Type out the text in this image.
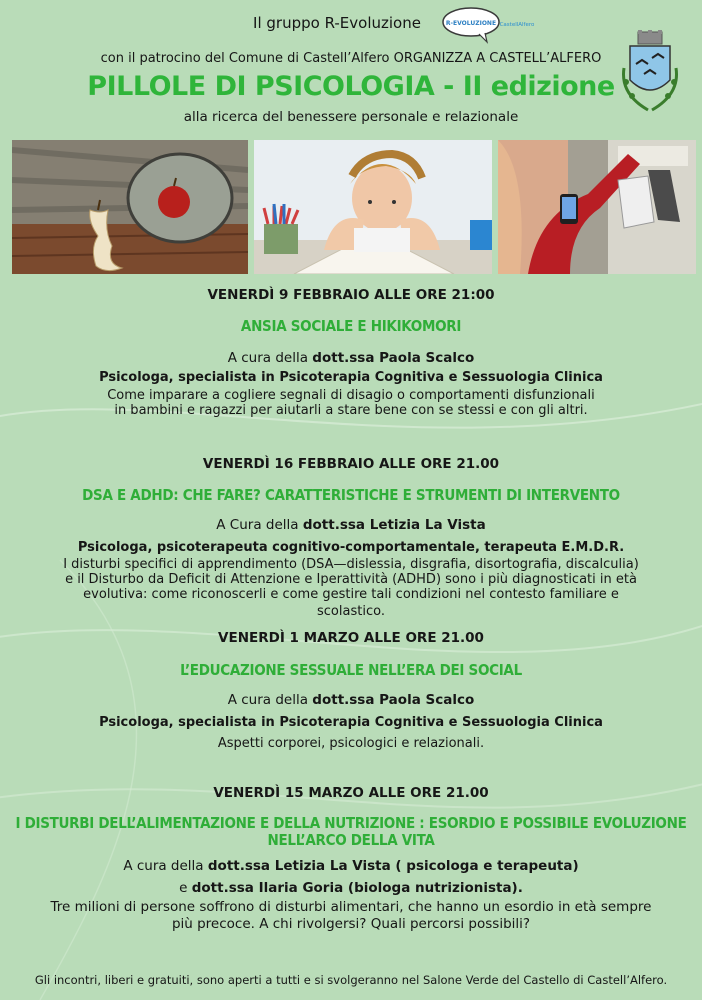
Il gruppo R-Evoluzione	R-EVOLUZIONE CastellAlfero
con il patrocino del Comune di Castell’Alfero ORGANIZZA A CASTELL’ALFERO
PILLOLE DI PSICOLOGIA - II edizione
alla ricerca del benessere personale e relazionale
VENERDÌ 9 FEBBRAIO ALLE ORE 21:00
ANSIA SOCIALE E HIKIKOMORI
A cura della dott.ssa Paola Scalco
Psicologa, specialista in Psicoterapia Cognitiva e Sessuologia Clinica
Come imparare a cogliere segnali di disagio o comportamenti disfunzionali
in bambini e ragazzi per aiutarli a stare bene con se stessi e con gli altri.
VENERDÌ 16 FEBBRAIO ALLE ORE 21.00
DSA E ADHD: CHE FARE? CARATTERISTICHE E STRUMENTI DI INTERVENTO
A Cura della dott.ssa Letizia La Vista
Psicologa, psicoterapeuta cognitivo-comportamentale, terapeuta E.M.D.R.
I disturbi specifici di apprendimento (DSA—dislessia, disgrafia, disortografia, discalculia)
e il Disturbo da Deficit di Attenzione e Iperattività (ADHD) sono i più diagnosticati in età
evolutiva: come riconoscerli e come gestire tali condizioni nel contesto familiare e
scolastico.
VENERDÌ 1 MARZO ALLE ORE 21.00
L’EDUCAZIONE SESSUALE NELL’ERA DEI SOCIAL
A cura della dott.ssa Paola Scalco
Psicologa, specialista in Psicoterapia Cognitiva e Sessuologia Clinica
Aspetti corporei, psicologici e relazionali.
VENERDÌ 15 MARZO ALLE ORE 21.00
I DISTURBI DELL’ALIMENTAZIONE E DELLA NUTRIZIONE : ESORDIO E POSSIBILE EVOLUZIONE
NELL’ARCO DELLA VITA
A cura della dott.ssa Letizia La Vista ( psicologa e terapeuta)
e dott.ssa Ilaria Goria (biologa nutrizionista).
Tre milioni di persone soffrono di disturbi alimentari, che hanno un esordio in età sempre
più precoce. A chi rivolgersi? Quali percorsi possibili?
Gli incontri, liberi e gratuiti, sono aperti a tutti e si svolgeranno nel Salone Verde del Castello di Castell’Alfero.
